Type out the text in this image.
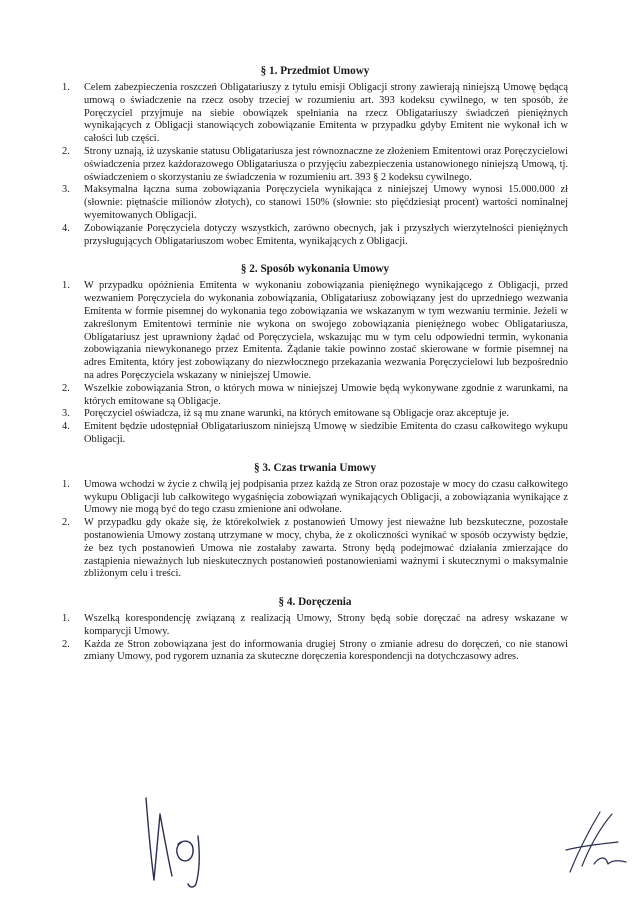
§ 1. Przedmiot Umowy
1. Celem zabezpieczenia roszczeń Obligatariuszy z tytułu emisji Obligacji strony zawierają niniejszą Umowę będącą umową o świadczenie na rzecz osoby trzeciej w rozumieniu art. 393 kodeksu cywilnego, w ten sposób, że Poręczyciel przyjmuje na siebie obowiązek spełniania na rzecz Obligatariuszy świadczeń pieniężnych wynikających z Obligacji stanowiących zobowiązanie Emitenta w przypadku gdyby Emitent nie wykonał ich w całości lub części.

2. Strony uznają, iż uzyskanie statusu Obligatariusza jest równoznaczne ze złożeniem Emitentowi oraz Poręczycielowi oświadczenia przez każdorazowego Obligatariusza o przyjęciu zabezpieczenia ustanowionego niniejszą Umową, tj. oświadczeniem o skorzystaniu ze świadczenia w rozumieniu art. 393 § 2 kodeksu cywilnego.

3. Maksymalna łączna suma zobowiązania Poręczyciela wynikająca z niniejszej Umowy wynosi 15.000.000 zł (słownie: piętnaście milionów złotych), co stanowi 150% (słownie: sto pięćdziesiąt procent) wartości nominalnej wyemitowanych Obligacji.

4. Zobowiązanie Poręczyciela dotyczy wszystkich, zarówno obecnych, jak i przyszłych wierzytelności pieniężnych przysługujących Obligatariuszom wobec Emitenta, wynikających z Obligacji.

§ 2. Sposób wykonania Umowy
1. W przypadku opóźnienia Emitenta w wykonaniu zobowiązania pieniężnego wynikającego z Obligacji, przed wezwaniem Poręczyciela do wykonania zobowiązania, Obligatariusz zobowiązany jest do uprzedniego wezwania Emitenta w formie pisemnej do wykonania tego zobowiązania we wskazanym w tym wezwaniu terminie. Jeżeli w zakreślonym Emitentowi terminie nie wykona on swojego zobowiązania pieniężnego wobec Obligatariusza, Obligatariusz jest uprawniony żądać od Poręczyciela, wskazując mu w tym celu odpowiedni termin, wykonania zobowiązania niewykonanego przez Emitenta. Żądanie takie powinno zostać skierowane w formie pisemnej na adres Emitenta, który jest zobowiązany do niezwłocznego przekazania wezwania Poręczycielowi lub bezpośrednio na adres Poręczyciela wskazany w niniejszej Umowie.

2. Wszelkie zobowiązania Stron, o których mowa w niniejszej Umowie będą wykonywane zgodnie z warunkami, na których emitowane są Obligacje.

3. Poręczyciel oświadcza, iż są mu znane warunki, na których emitowane są Obligacje oraz akceptuje je.

4. Emitent będzie udostępniał Obligatariuszom niniejszą Umowę w siedzibie Emitenta do czasu całkowitego wykupu Obligacji.

§ 3. Czas trwania Umowy
1. Umowa wchodzi w życie z chwilą jej podpisania przez każdą ze Stron oraz pozostaje w mocy do czasu całkowitego wykupu Obligacji lub całkowitego wygaśnięcia zobowiązań wynikających Obligacji, a zobowiązania wynikające z Umowy nie mogą być do tego czasu zmienione ani odwołane.

2. W przypadku gdy okaże się, że którekolwiek z postanowień Umowy jest nieważne lub bezskuteczne, pozostałe postanowienia Umowy zostaną utrzymane w mocy, chyba, że z okoliczności wynikać w sposób oczywisty będzie, że bez tych postanowień Umowa nie zostałaby zawarta. Strony będą podejmować działania zmierzające do zastąpienia nieważnych lub nieskutecznych postanowień postanowieniami ważnymi i skutecznymi o maksymalnie zbliżonym celu i treści.

§ 4. Doręczenia
1. Wszelką korespondencję związaną z realizacją Umowy, Strony będą sobie doręczać na adresy wskazane w komparycji Umowy.

2. Każda ze Stron zobowiązana jest do informowania drugiej Strony o zmianie adresu do doręczeń, co nie stanowi zmiany Umowy, pod rygorem uznania za skuteczne doręczenia korespondencji na dotychczasowy adres.
